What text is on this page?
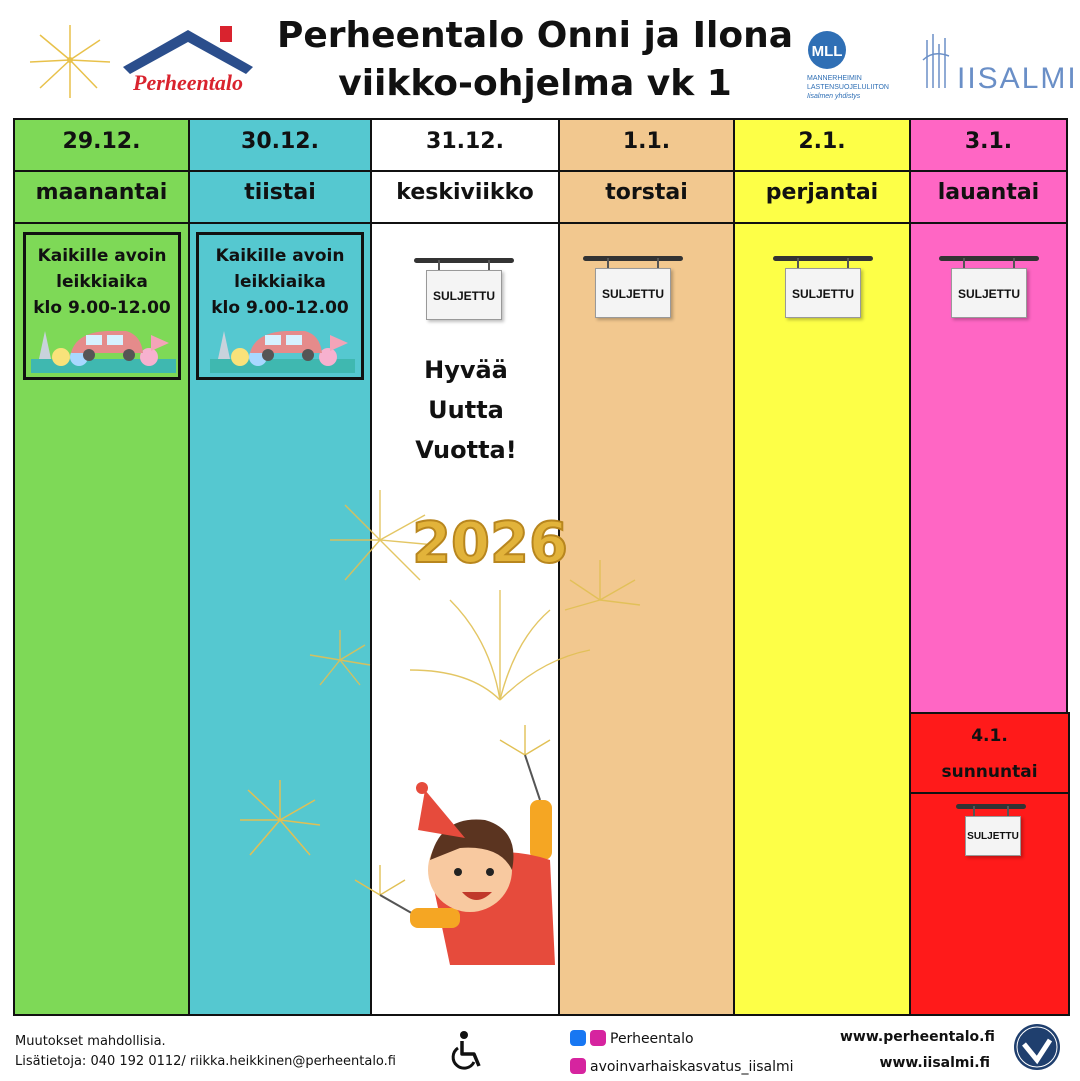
Perheentalo
Perheentalo Onni ja Ilona
viikko-ohjelma vk 1
MLL
MANNERHEIMIN
LASTENSUOJELULIITON
Iisalmen yhdistys
IISALMI
29.12.
maanantai
Kaikille avoin
leikkiaika
klo 9.00-12.00
30.12.
tiistai
Kaikille avoin
leikkiaika
klo 9.00-12.00
31.12.
keskiviikko
SULJETTU
Hyvää
Uutta
Vuotta!
1.1.
torstai
SULJETTU
2.1.
perjantai
SULJETTU
3.1.
lauantai
SULJETTU
4.1.
sunnuntai
SULJETTU
2026
Muutokset mahdollisia.
Lisätietoja: 040 192 0112/ riikka.heikkinen@perheentalo.fi
Perheentalo
avoinvarhaiskasvatus_iisalmi
www.perheentalo.fi
www.iisalmi.fi
